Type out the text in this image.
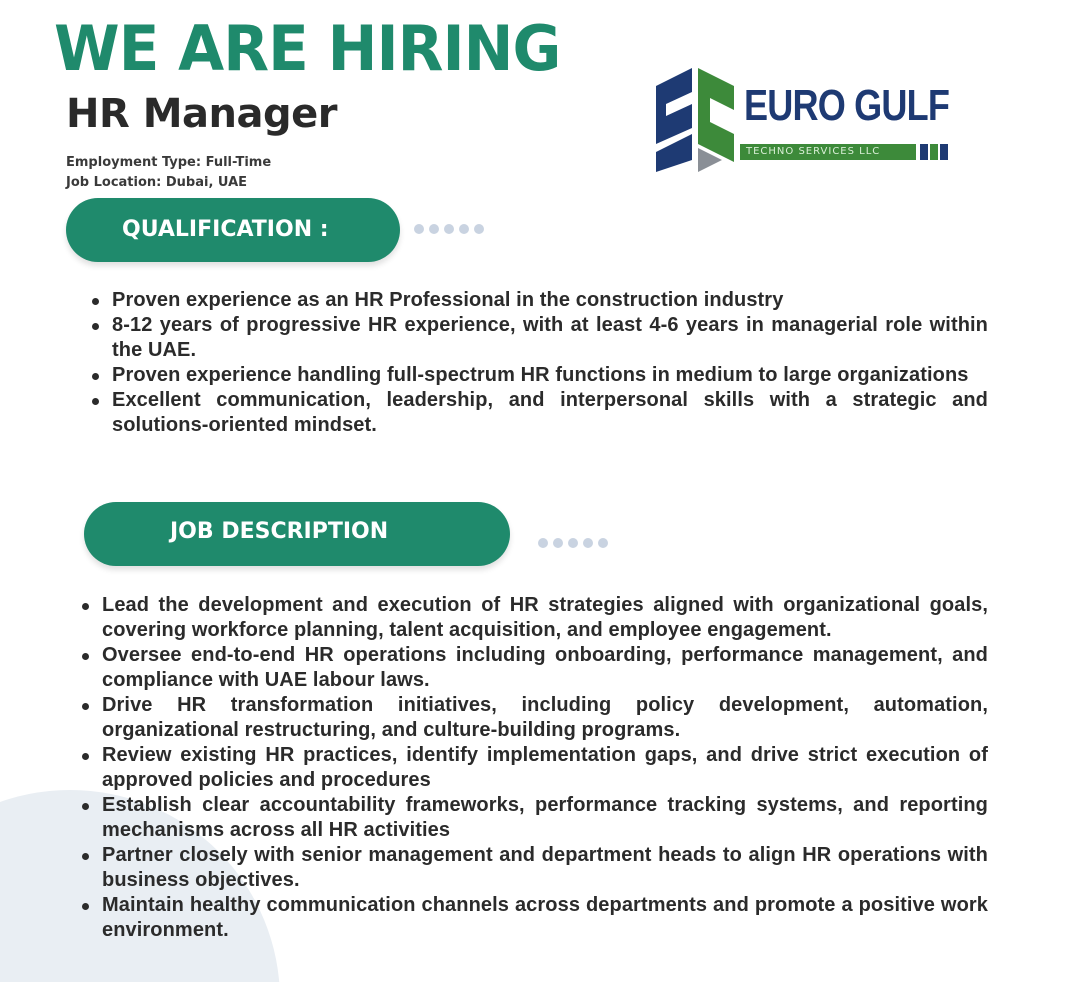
WE ARE HIRING
HR Manager
Employment Type: Full-Time
Job Location: Dubai, UAE
EURO GULF
TECHNO SERVICES LLC
QUALIFICATION :
Proven experience as an HR Professional in the construction industry
8-12 years of progressive HR experience, with at least 4-6 years in managerial role within the UAE.
Proven experience handling full-spectrum HR functions in medium to large organizations
Excellent communication, leadership, and interpersonal skills with a strategic and solutions-oriented mindset.
JOB DESCRIPTION
Lead the development and execution of HR strategies aligned with organizational goals, covering workforce planning, talent acquisition, and employee engagement.
Oversee end-to-end HR operations including onboarding, performance management, and compliance with UAE labour laws.
Drive HR transformation initiatives, including policy development, automation, organizational restructuring, and culture-building programs.
Review existing HR practices, identify implementation gaps, and drive strict execution of approved policies and procedures
Establish clear accountability frameworks, performance tracking systems, and reporting mechanisms across all HR activities
Partner closely with senior management and department heads to align HR operations with business objectives.
Maintain healthy communication channels across departments and promote a positive work environment.
